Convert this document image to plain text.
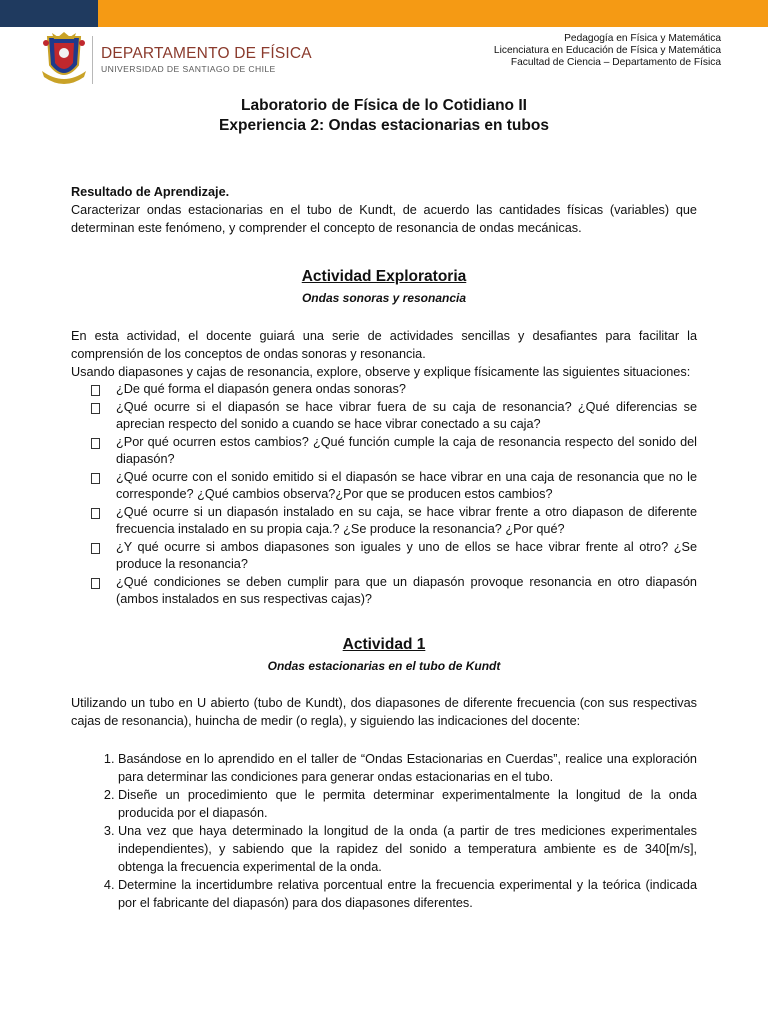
DEPARTAMENTO DE FÍSICA
UNIVERSIDAD DE SANTIAGO DE CHILE
Pedagogía en Física y Matemática
Licenciatura en Educación de Física y Matemática
Facultad de Ciencia – Departamento de Física
Laboratorio de Física de lo Cotidiano II
Experiencia 2: Ondas estacionarias en tubos
Resultado de Aprendizaje.

Caracterizar ondas estacionarias en el tubo de Kundt, de acuerdo las cantidades físicas (variables) que determinan este fenómeno, y comprender el concepto de resonancia de ondas mecánicas.

Actividad Exploratoria
Ondas sonoras y resonancia

En esta actividad, el docente guiará una serie de actividades sencillas y desafiantes para facilitar la comprensión de los conceptos de ondas sonoras y resonancia.

Usando diapasones y cajas de resonancia, explore, observe y explique físicamente las siguientes situaciones:

¿De qué forma el diapasón genera ondas sonoras?
¿Qué ocurre si el diapasón se hace vibrar fuera de su caja de resonancia? ¿Qué diferencias se aprecian respecto del sonido a cuando se hace vibrar conectado a su caja?
¿Por qué ocurren estos cambios? ¿Qué función cumple la caja de resonancia respecto del sonido del diapasón?
¿Qué ocurre con el sonido emitido si el diapasón se hace vibrar en una caja de resonancia que no le corresponde? ¿Qué cambios observa?¿Por que se producen estos cambios?
¿Qué ocurre si un diapasón instalado en su caja, se hace vibrar frente a otro diapason de diferente frecuencia instalado en su propia caja.? ¿Se produce la resonancia? ¿Por qué?
¿Y qué ocurre si ambos diapasones son iguales y uno de ellos se hace vibrar frente al otro? ¿Se produce la resonancia?
¿Qué condiciones se deben cumplir para que un diapasón provoque resonancia en otro diapasón (ambos instalados en sus respectivas cajas)?
Actividad 1
Ondas estacionarias en el tubo de Kundt

Utilizando un tubo en U abierto (tubo de Kundt), dos diapasones de diferente frecuencia (con sus respectivas cajas de resonancia), huincha de medir (o regla), y siguiendo las indicaciones del docente:

1. Basándose en lo aprendido en el taller de “Ondas Estacionarias en Cuerdas”, realice una exploración para determinar las condiciones para generar ondas estacionarias en el tubo.
2. Diseñe un procedimiento que le permita determinar experimentalmente la longitud de la onda producida por el diapasón.
3. Una vez que haya determinado la longitud de la onda (a partir de tres mediciones experimentales independientes), y sabiendo que la rapidez del sonido a temperatura ambiente es de 340[m/s], obtenga la frecuencia experimental de la onda.
4. Determine la incertidumbre relativa porcentual entre la frecuencia experimental y la teórica (indicada por el fabricante del diapasón) para dos diapasones diferentes.
